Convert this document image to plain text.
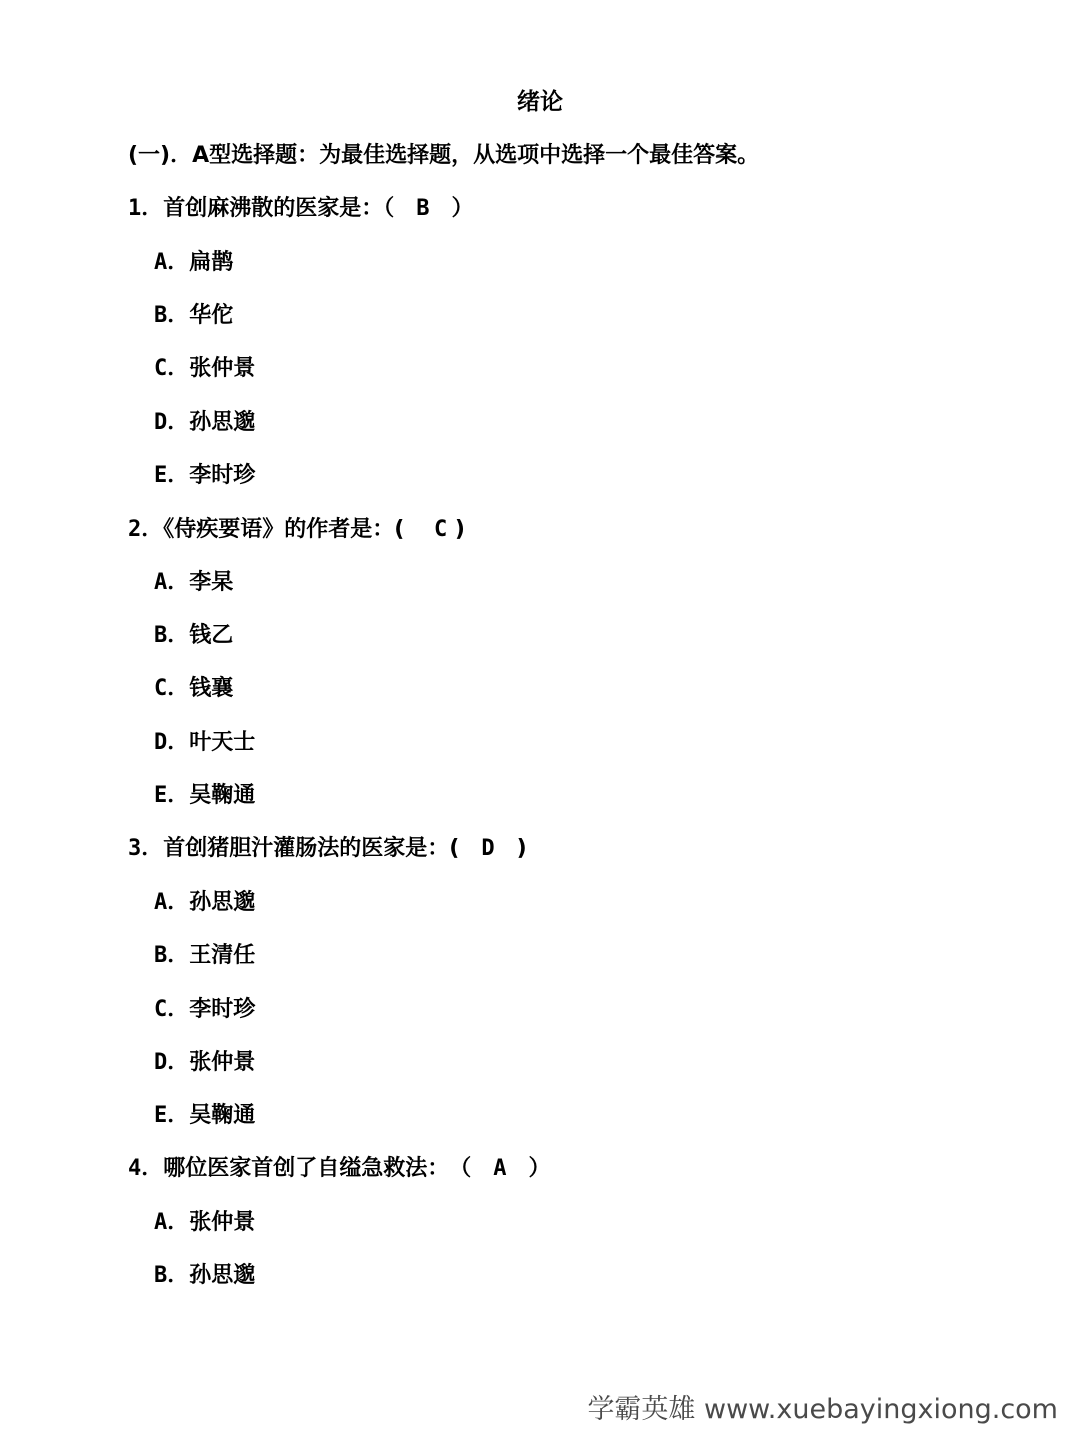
绪论
(一)．A型选择题：为最佳选择题，从选项中选择一个最佳答案。
1．首创麻沸散的医家是：（　B　）
A．扁鹊
B．华佗
C．张仲景
D．孙思邈
E．李时珍
2．《侍疾要语》的作者是：(　 C )
A．李杲
B．钱乙
C．钱襄
D．叶天士
E．吴鞠通
3．首创猪胆汁灌肠法的医家是：(　D　)
A．孙思邈
B．王清任
C．李时珍
D．张仲景
E．吴鞠通
4．哪位医家首创了自缢急救法：　（　A　）
A．张仲景
B．孙思邈
学霸英雄 www.xuebayingxiong.com
